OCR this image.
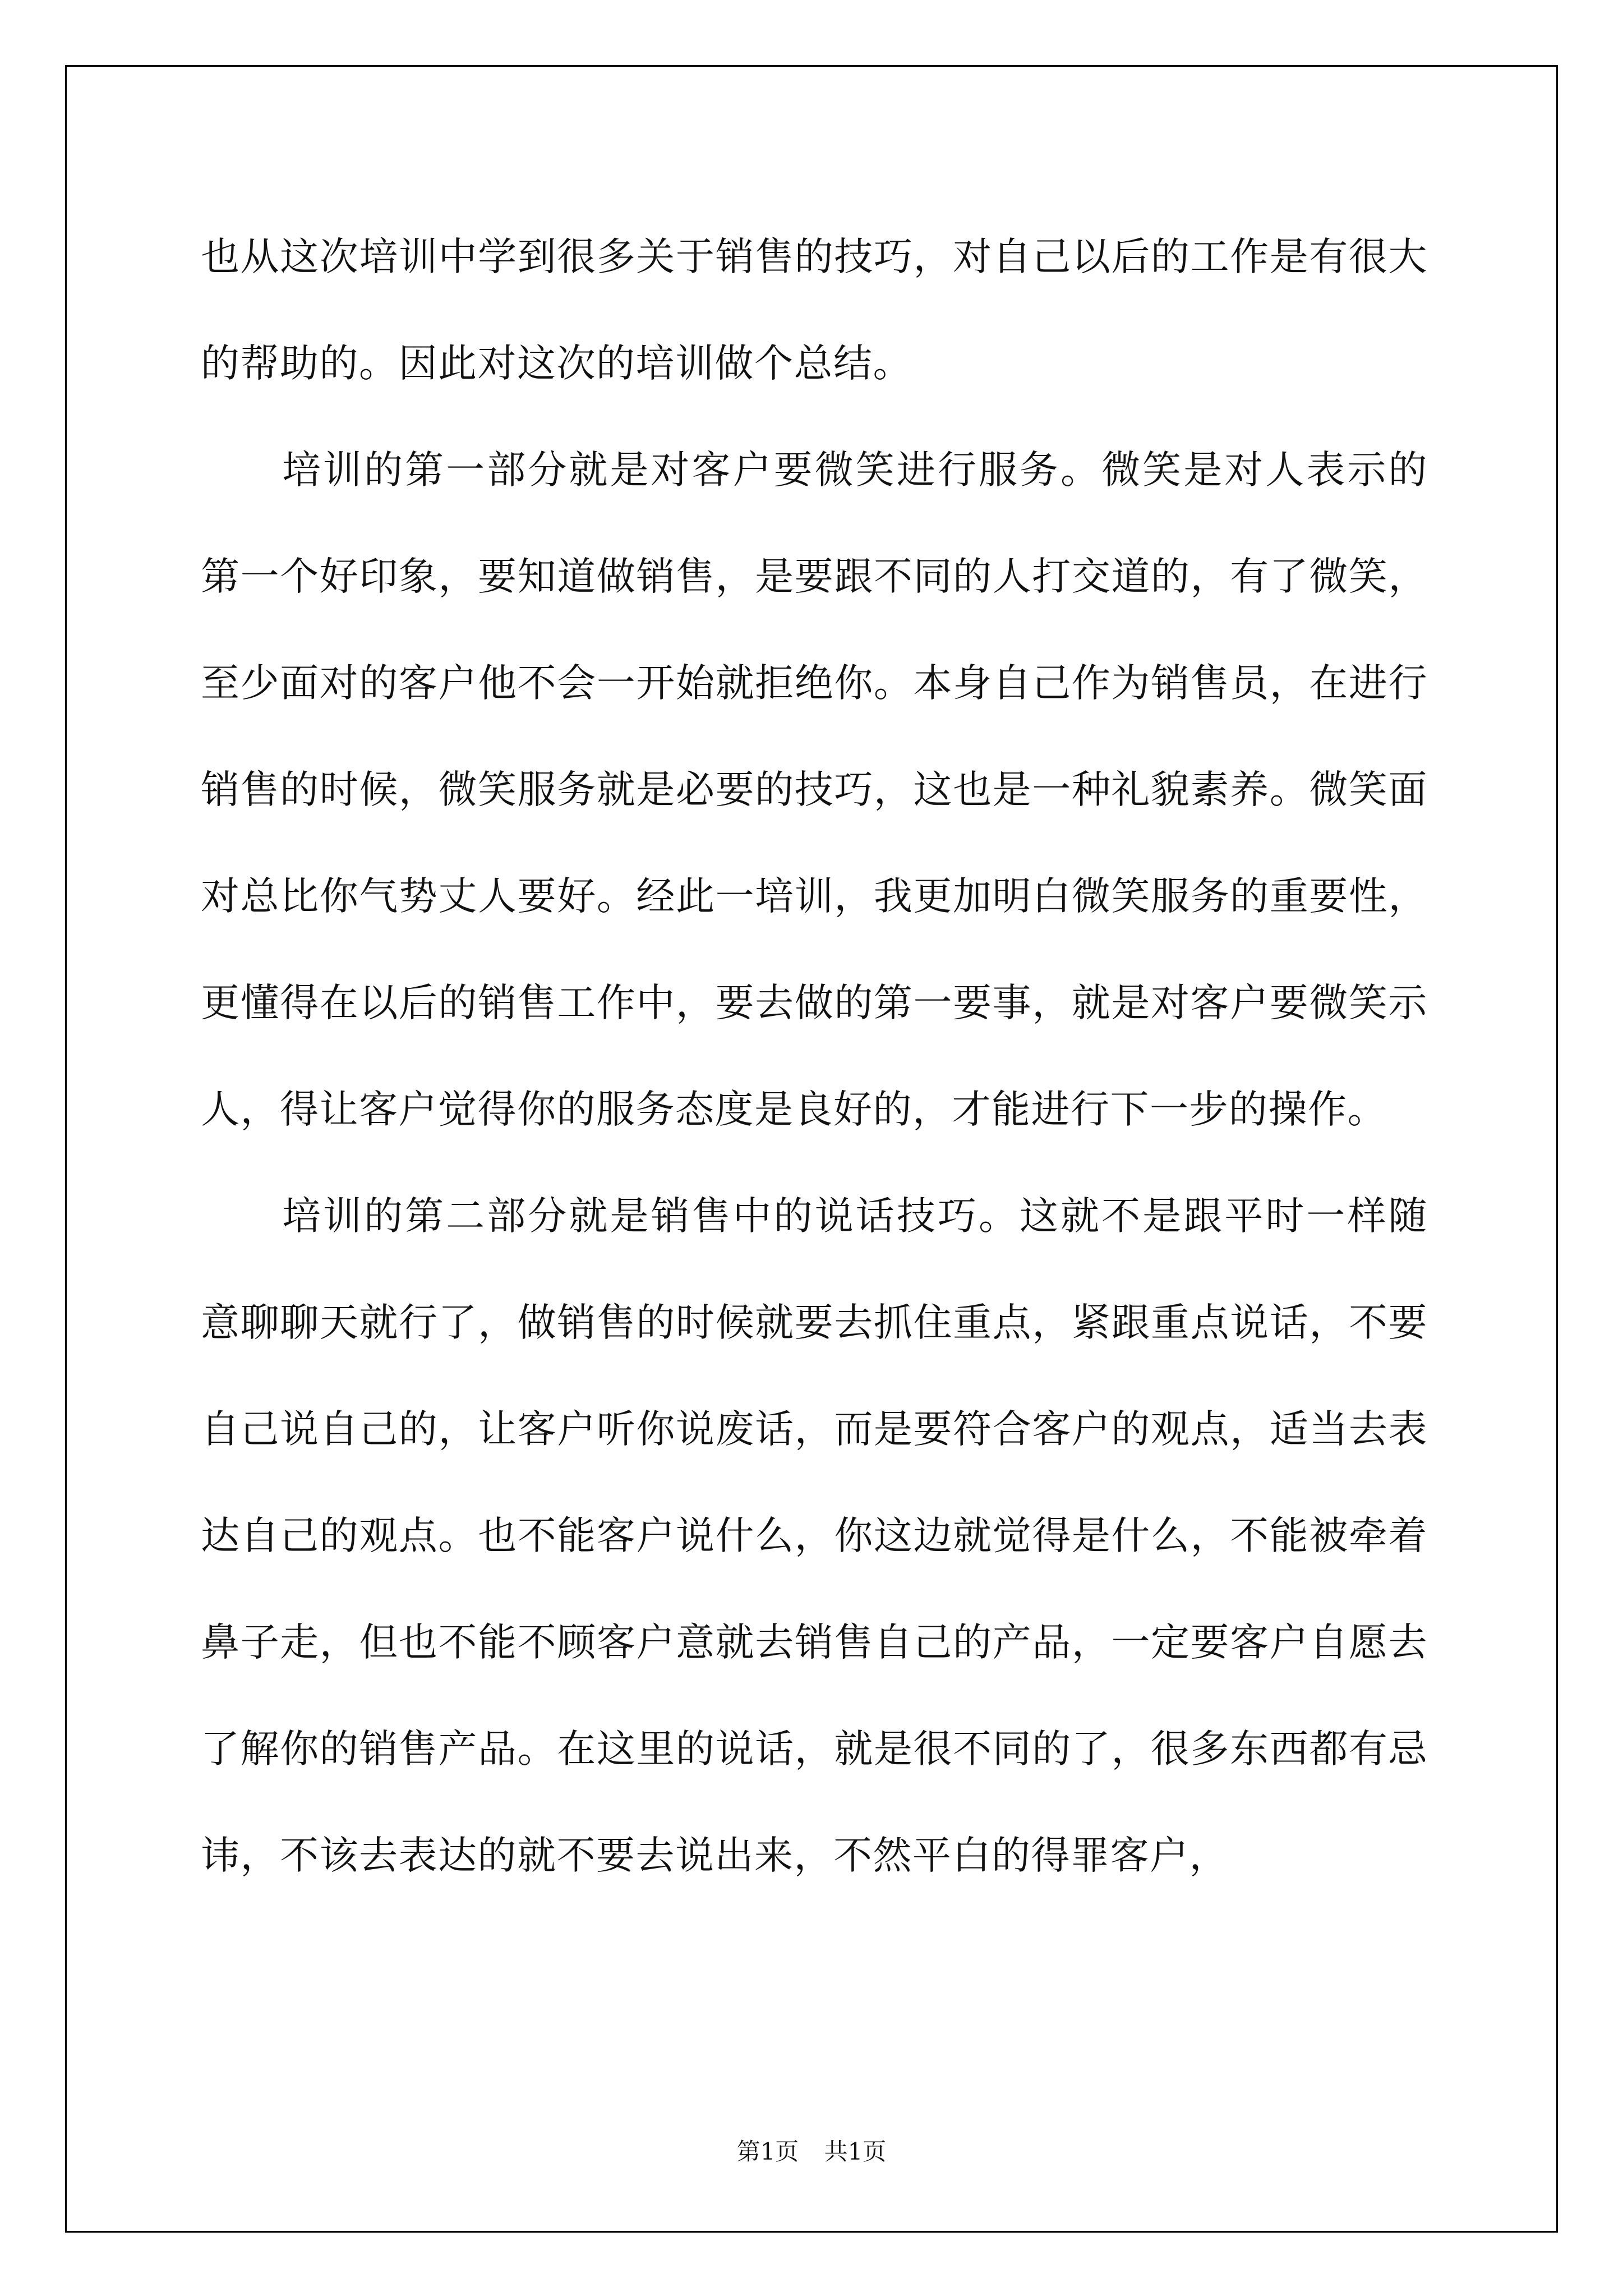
也从这次培训中学到很多关于销售的技巧，对自己以后的工作是有很大的帮助的。因此对这次的培训做个总结。

培训的第一部分就是对客户要微笑进行服务。微笑是对人表示的第一个好印象，要知道做销售，是要跟不同的人打交道的，有了微笑，至少面对的客户他不会一开始就拒绝你。本身自己作为销售员，在进行销售的时候，微笑服务就是必要的技巧，这也是一种礼貌素养。微笑面对总比你气势丈人要好。经此一培训，我更加明白微笑服务的重要性，更懂得在以后的销售工作中，要去做的第一要事，就是对客户要微笑示人，得让客户觉得你的服务态度是良好的，才能进行下一步的操作。

培训的第二部分就是销售中的说话技巧。这就不是跟平时一样随意聊聊天就行了，做销售的时候就要去抓住重点，紧跟重点说话，不要自己说自己的，让客户听你说废话，而是要符合客户的观点，适当去表达自己的观点。也不能客户说什么，你这边就觉得是什么，不能被牵着鼻子走，但也不能不顾客户意就去销售自己的产品，一定要客户自愿去了解你的销售产品。在这里的说话，就是很不同的了，很多东西都有忌讳，不该去表达的就不要去说出来，不然平白的得罪客户，

第1页 共1页
